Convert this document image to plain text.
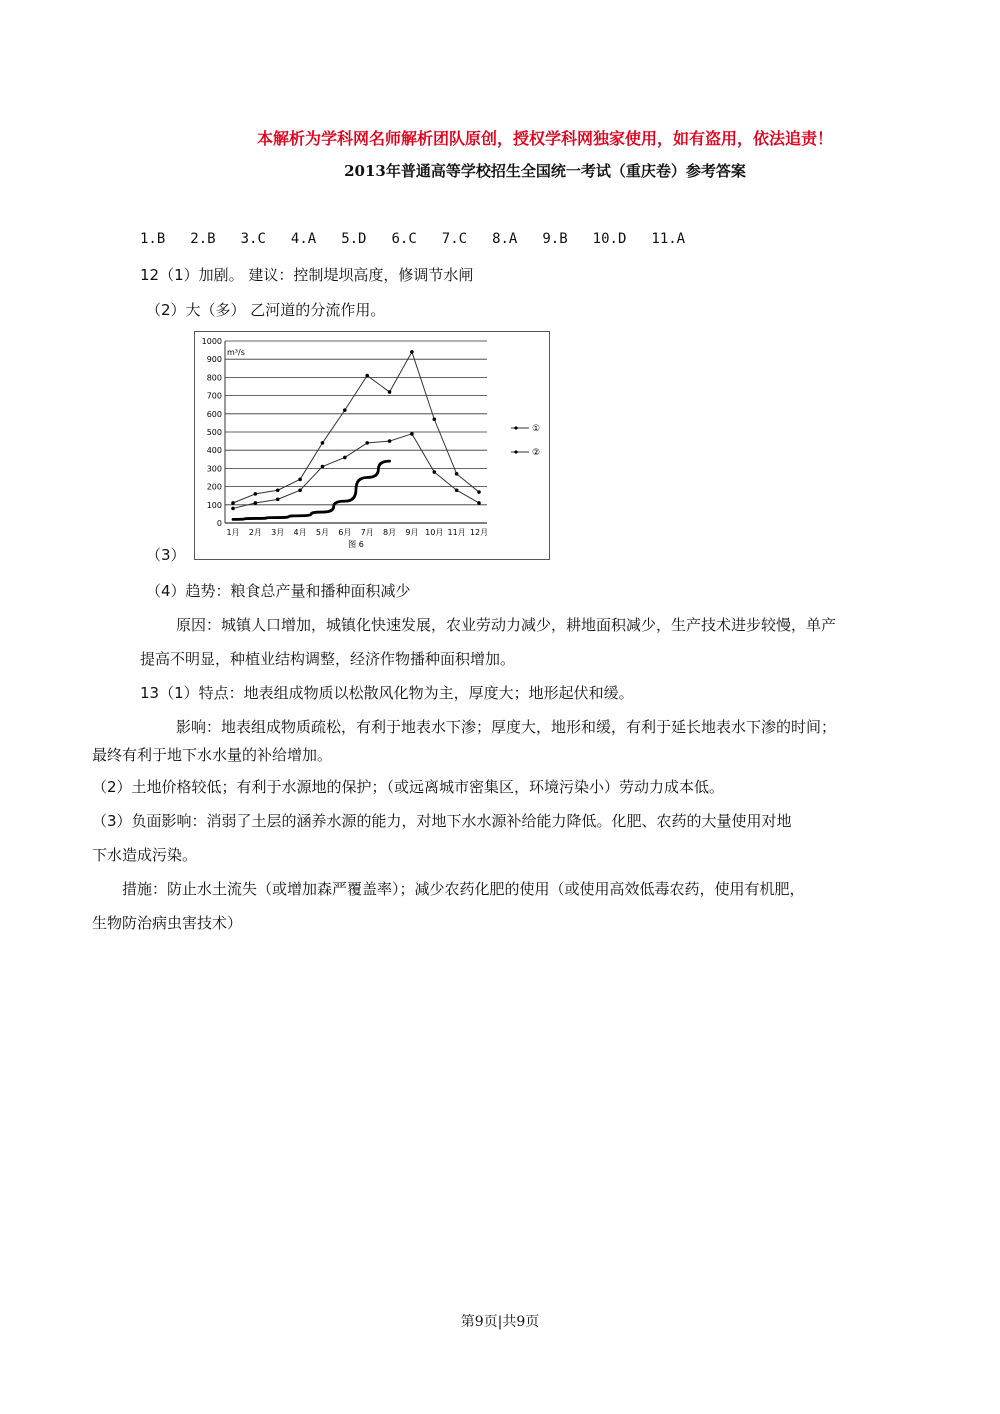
本解析为学科网名师解析团队原创，授权学科网独家使用，如有盗用，依法追责！
2013年普通高等学校招生全国统一考试（重庆卷）参考答案
1.B 2.B 3.C 4.A 5.D 6.C 7.C 8.A 9.B 10.D 11.A
12（1）加剧。 建议：控制堤坝高度，修调节水闸
（2）大（多） 乙河道的分流作用。
0
100
200
300
400
500
600
700
800
900
1000
m³/s
1月 2月 3月 4月 5月 6月 7月 8月 9月 10月 11月 12月
图 6
①
②
（3）
（4）趋势：粮食总产量和播种面积减少
原因：城镇人口增加，城镇化快速发展，农业劳动力减少，耕地面积减少，生产技术进步较慢，单产
提高不明显，种植业结构调整，经济作物播种面积增加。
13（1）特点：地表组成物质以松散风化物为主，厚度大；地形起伏和缓。
影响：地表组成物质疏松，有利于地表水下渗；厚度大，地形和缓，有利于延长地表水下渗的时间；
最终有利于地下水水量的补给增加。
（2）土地价格较低；有利于水源地的保护；（或远离城市密集区，环境污染小）劳动力成本低。
（3）负面影响：消弱了土层的涵养水源的能力，对地下水水源补给能力降低。化肥、农药的大量使用对地
下水造成污染。
措施：防止水土流失（或增加森严覆盖率）；减少农药化肥的使用（或使用高效低毒农药，使用有机肥，
生物防治病虫害技术）
第9页|共9页
